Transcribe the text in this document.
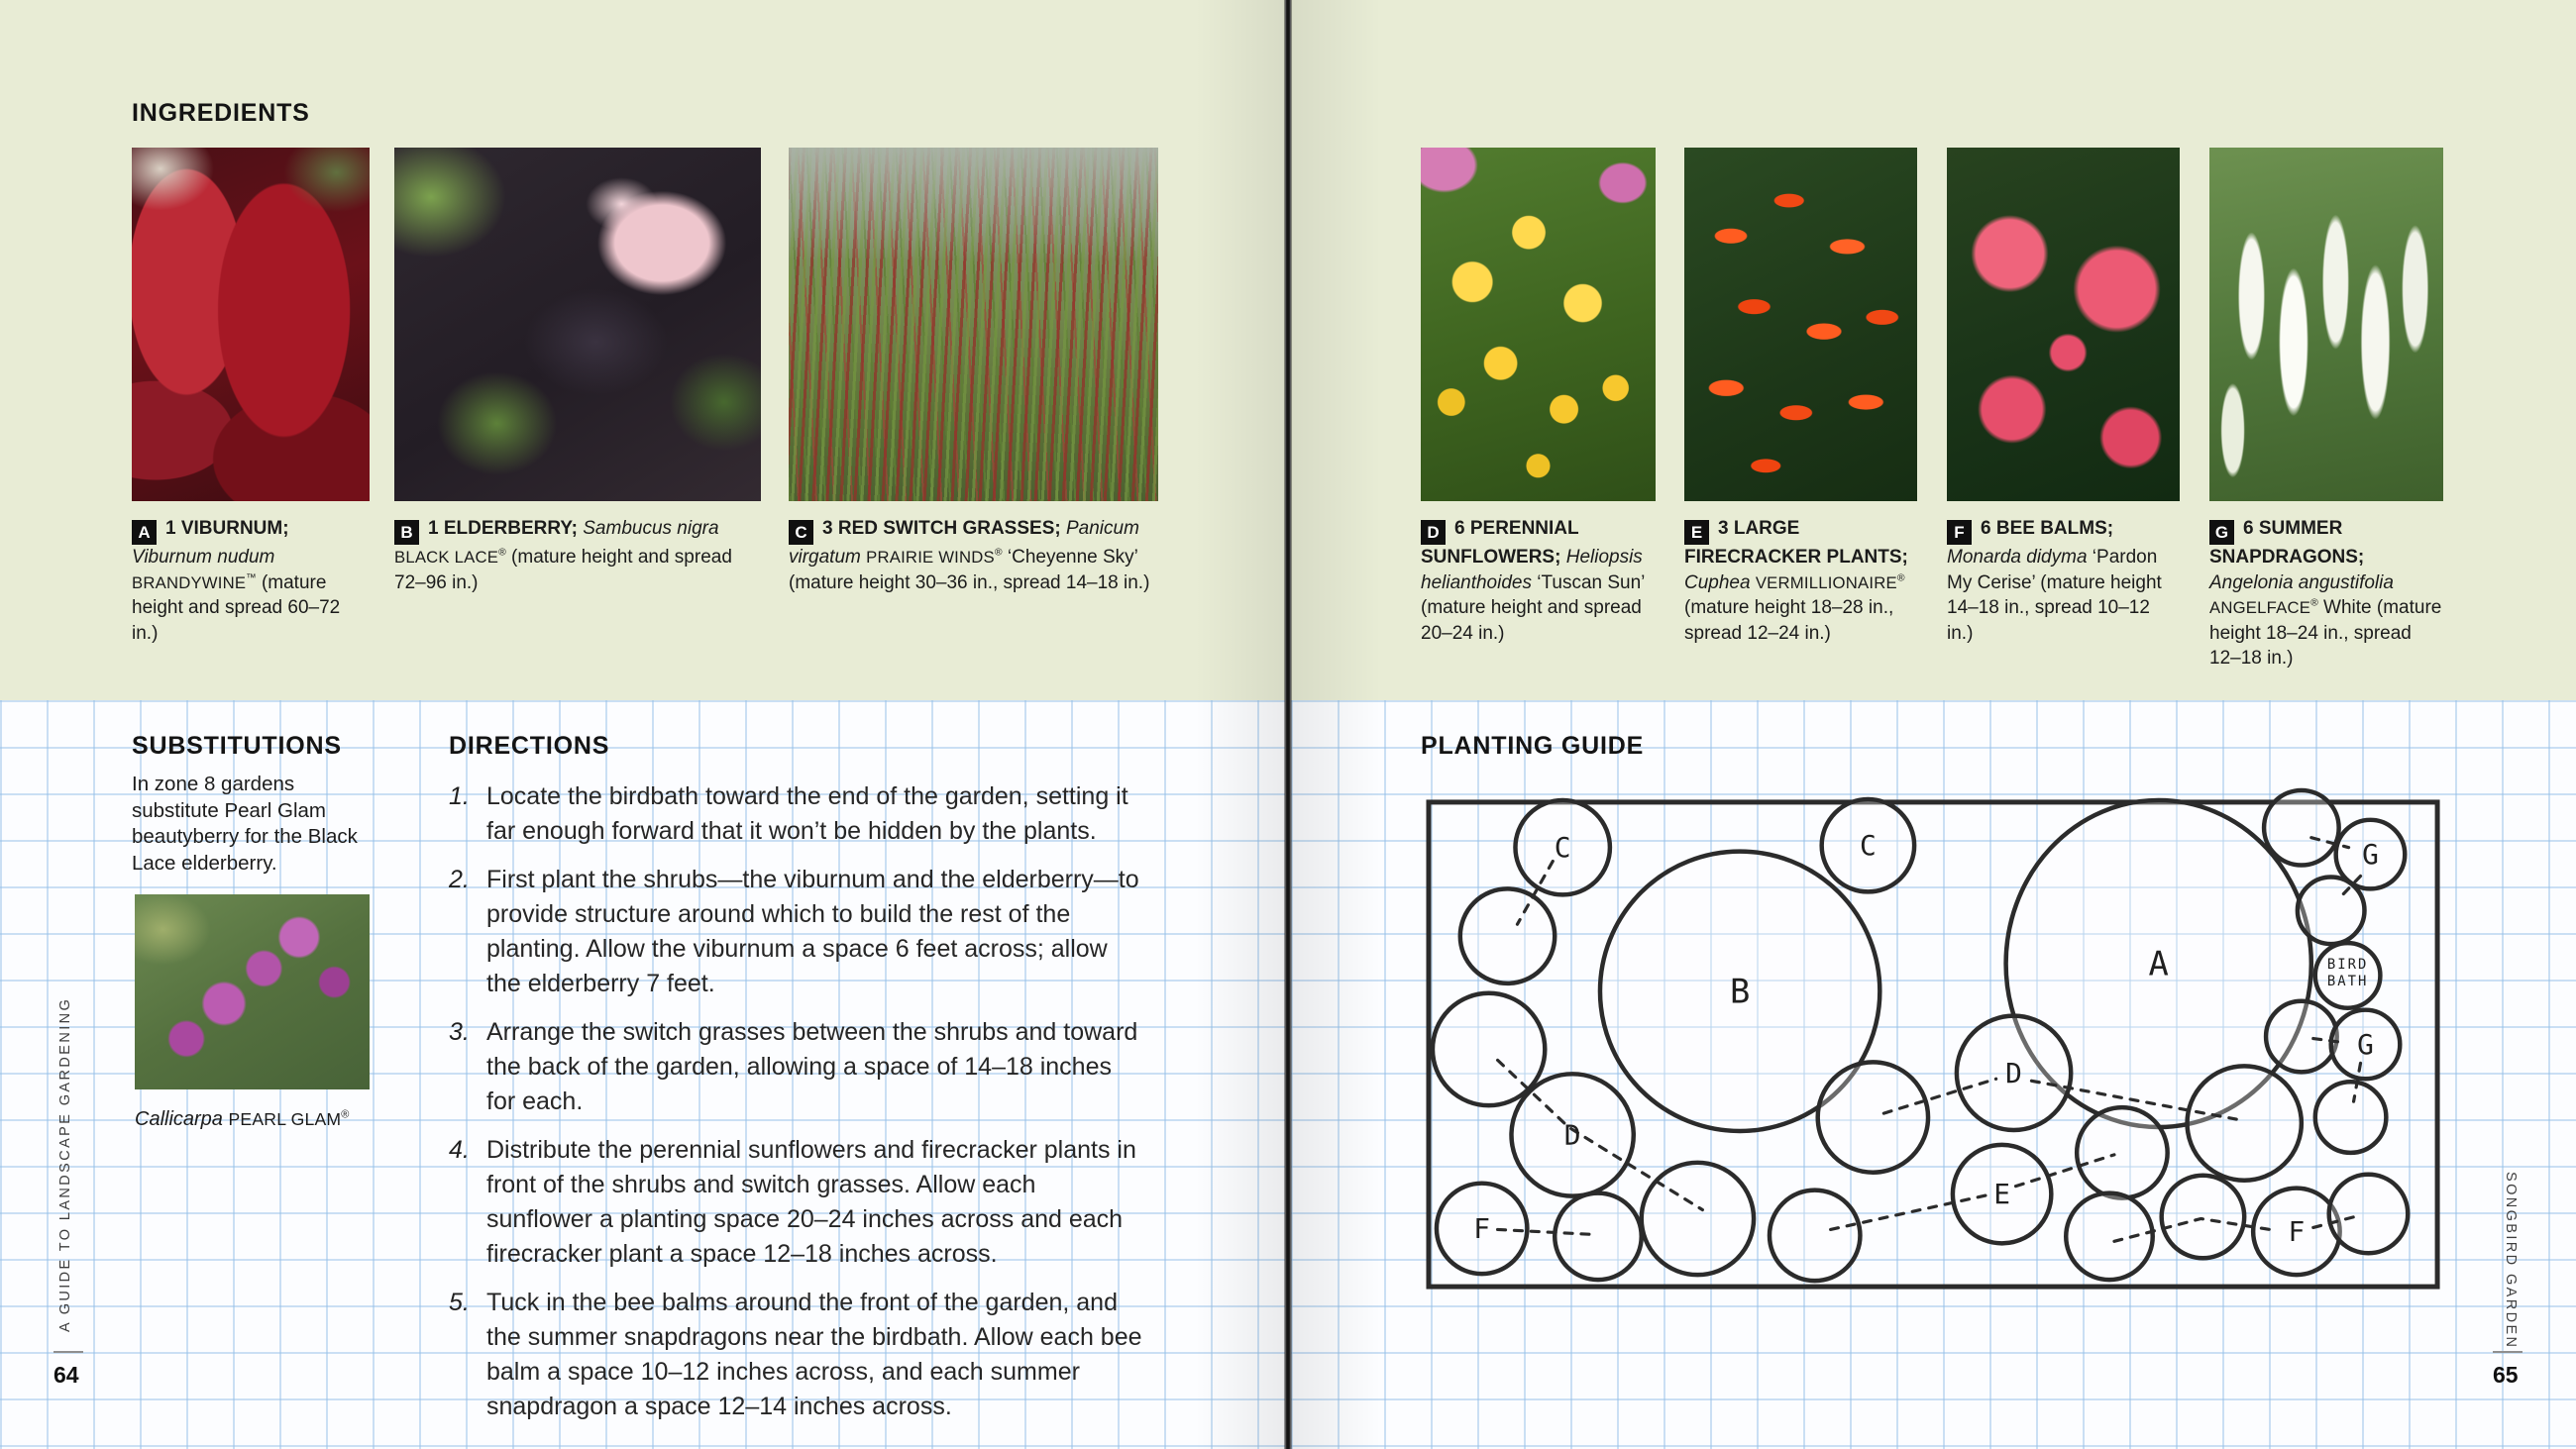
INGREDIENTS
A 1 VIBURNUM; Viburnum nudum BRANDYWINE™ (mature height and spread 60–72 in.)
B 1 ELDERBERRY; Sambucus nigra BLACK LACE® (mature height and spread 72–96 in.)
C 3 RED SWITCH GRASSES; Panicum virgatum PRAIRIE WINDS® ‘Cheyenne Sky’ (mature height 30–36 in., spread 14–18 in.)
SUBSTITUTIONS
In zone 8 gardens substitute Pearl Glam beautyberry for the Black Lace elderberry.
Callicarpa PEARL GLAM®
DIRECTIONS
1. Locate the birdbath toward the end of the garden, setting it far enough forward that it won’t be hidden by the plants.
2. First plant the shrubs—the viburnum and the elderberry—to provide structure around which to build the rest of the planting. Allow the viburnum a space 6 feet across; allow the elderberry 7 feet.
3. Arrange the switch grasses between the shrubs and toward the back of the garden, allowing a space of 14–18 inches for each.
4. Distribute the perennial sunflowers and firecracker plants in front of the shrubs and switch grasses. Allow each sunflower a planting space 20–24 inches across and each firecracker plant a space 12–18 inches across.
5. Tuck in the bee balms around the front of the garden, and the summer snapdragons near the birdbath. Allow each bee balm a space 10–12 inches across, and each summer snapdragon a space 12–14 inches across.
A GUIDE TO LANDSCAPE GARDENING
64
D 6 PERENNIAL SUNFLOWERS; Heliopsis helianthoides ‘Tuscan Sun’ (mature height and spread 20–24 in.)
E 3 LARGE FIRECRACKER PLANTS; Cuphea VERMILLIONAIRE® (mature height 18–28 in., spread 12–24 in.)
F 6 BEE BALMS; Monarda didyma ‘Pardon My Cerise’ (mature height 14–18 in., spread 10–12 in.)
G 6 SUMMER SNAPDRAGONS; Angelonia angustifolia ANGELFACE® White (mature height 18–24 in., spread 12–18 in.)
PLANTING GUIDE
B
A
C	C
D
F
D
E
F
G
G
BIRD BATH
SONGBIRD GARDEN
65
